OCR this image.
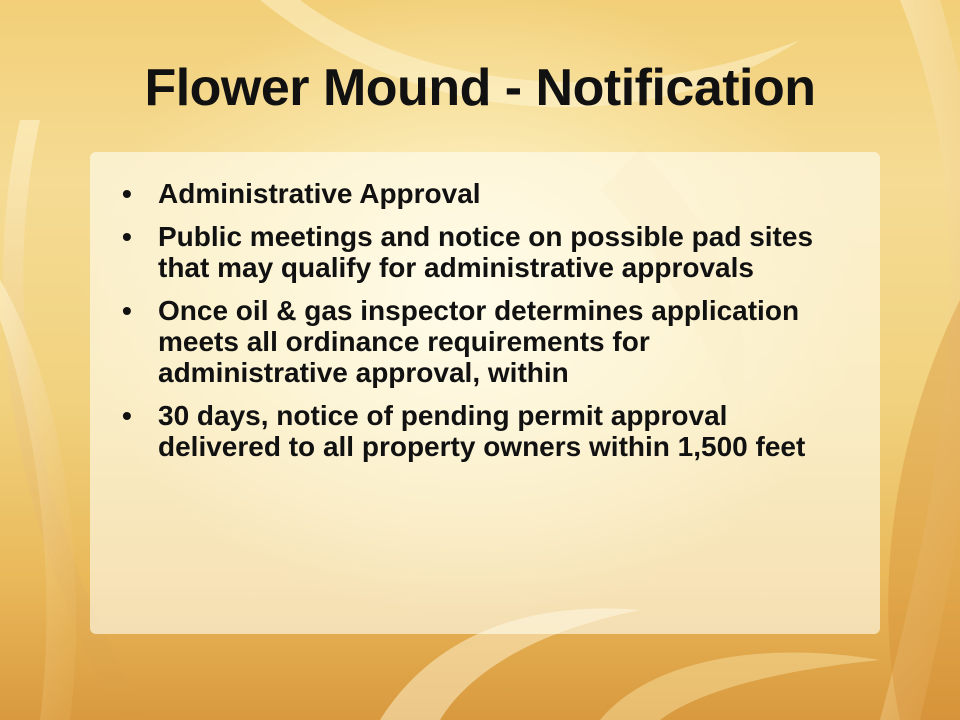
Flower Mound - Notification
• Administrative Approval
• Public meetings and notice on possible pad sites that may qualify for administrative approvals
• Once oil & gas inspector determines application meets all ordinance requirements for administrative approval, within
• 30 days, notice of pending permit approval delivered to all property owners within 1,500 feet
